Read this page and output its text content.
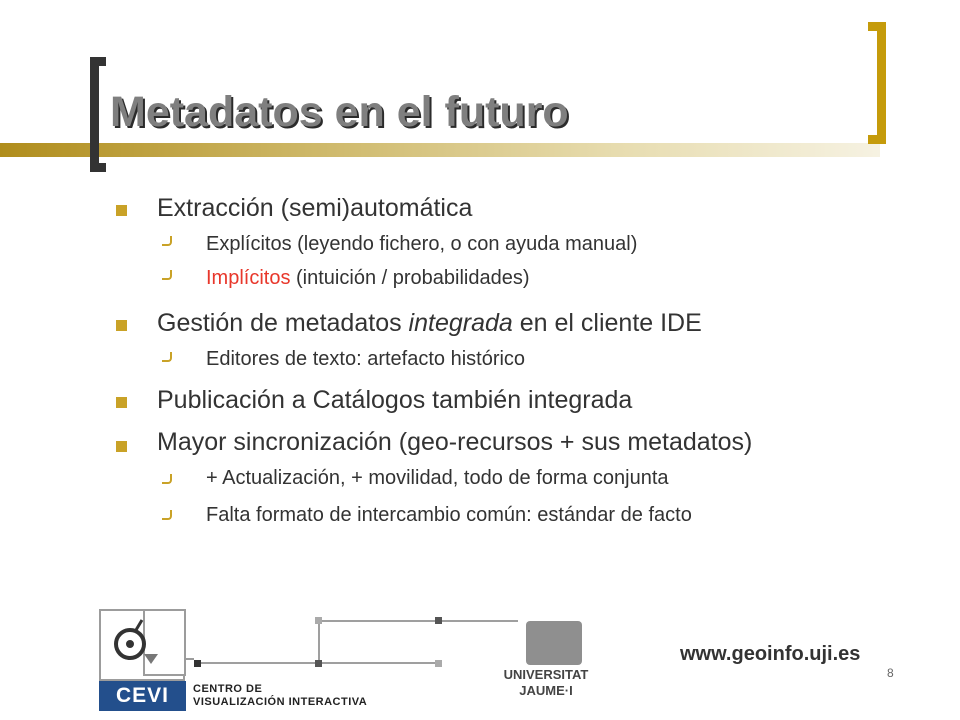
Metadatos en el futuro
Extracción (semi)automática
Explícitos (leyendo fichero, o con ayuda manual)
Implícitos (intuición / probabilidades)
Gestión de metadatos integrada en el cliente IDE
Editores de texto: artefacto histórico
Publicación a Catálogos también integrada
Mayor sincronización (geo-recursos + sus metadatos)
+ Actualización, + movilidad, todo de forma conjunta
Falta formato de intercambio común: estándar de facto
CEVI	CENTRO DE
VISUALIZACIÓN INTERACTIVA
UNIVERSITAT
JAUME·I
www.geoinfo.uji.es
8
